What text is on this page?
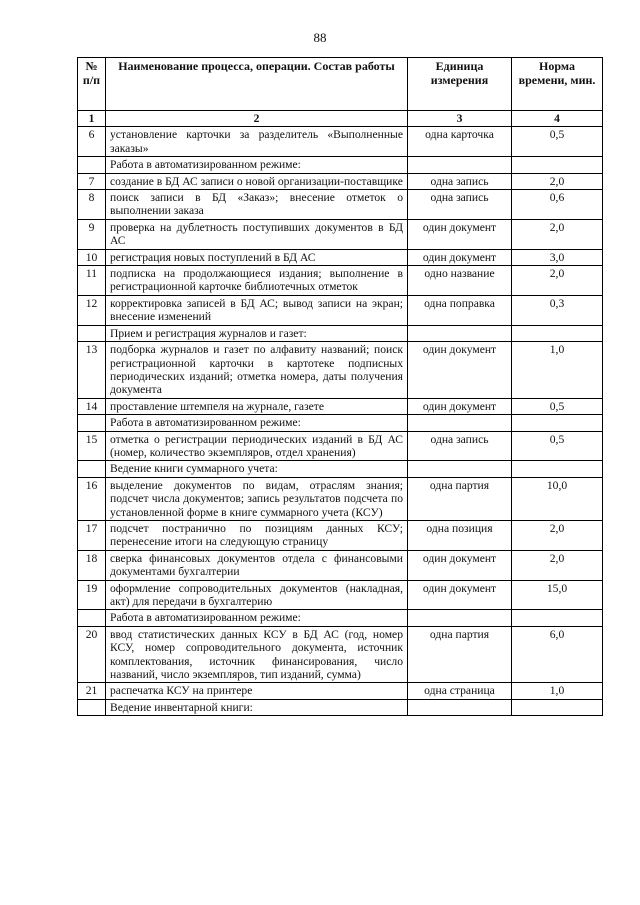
88
№ п/п	Наименование процесса, операции. Состав работы	Единица измерения	Норма времени, мин.
1	2	3	4
6	установление карточки за разделитель «Выполненные заказы»	одна карточка	0,5
	Работа в автоматизированном режиме:		
7	создание в БД АС записи о новой организации-поставщике	одна запись	2,0
8	поиск записи в БД «Заказ»; внесение отметок о выполнении заказа	одна запись	0,6
9	проверка на дублетность поступивших документов в БД АС	один документ	2,0
10	регистрация новых поступлений в БД АС	один документ	3,0
11	подписка на продолжающиеся издания; выполнение в регистрационной карточке библиотечных отметок	одно название	2,0
12	корректировка записей в БД АС; вывод записи на экран; внесение изменений	одна поправка	0,3
	Прием и регистрация журналов и газет:		
13	подборка журналов и газет по алфавиту названий; поиск регистрационной карточки в картотеке подписных периодических изданий; отметка номера, даты получения документа	один документ	1,0
14	проставление штемпеля на журнале, газете	один документ	0,5
	Работа в автоматизированном режиме:		
15	отметка о регистрации периодических изданий в БД АС (номер, количество экземпляров, отдел хранения)	одна запись	0,5
	Ведение книги суммарного учета:		
16	выделение документов по видам, отраслям знания; подсчет числа документов; запись результатов подсчета по установленной форме в книге суммарного учета (КСУ)	одна партия	10,0
17	подсчет постранично по позициям данных КСУ; перенесение итоги на следующую страницу	одна позиция	2,0
18	сверка финансовых документов отдела с финансовыми документами бухгалтерии	один документ	2,0
19	оформление сопроводительных документов (накладная, акт) для передачи в бухгалтерию	один документ	15,0
	Работа в автоматизированном режиме:		
20	ввод статистических данных КСУ в БД АС (год, номер КСУ, номер сопроводительного документа, источник комплектования, источник финансирования, число названий, число экземпляров, тип изданий, сумма)	одна партия	6,0
21	распечатка КСУ на принтере	одна страница	1,0
	Ведение инвентарной книги:		
